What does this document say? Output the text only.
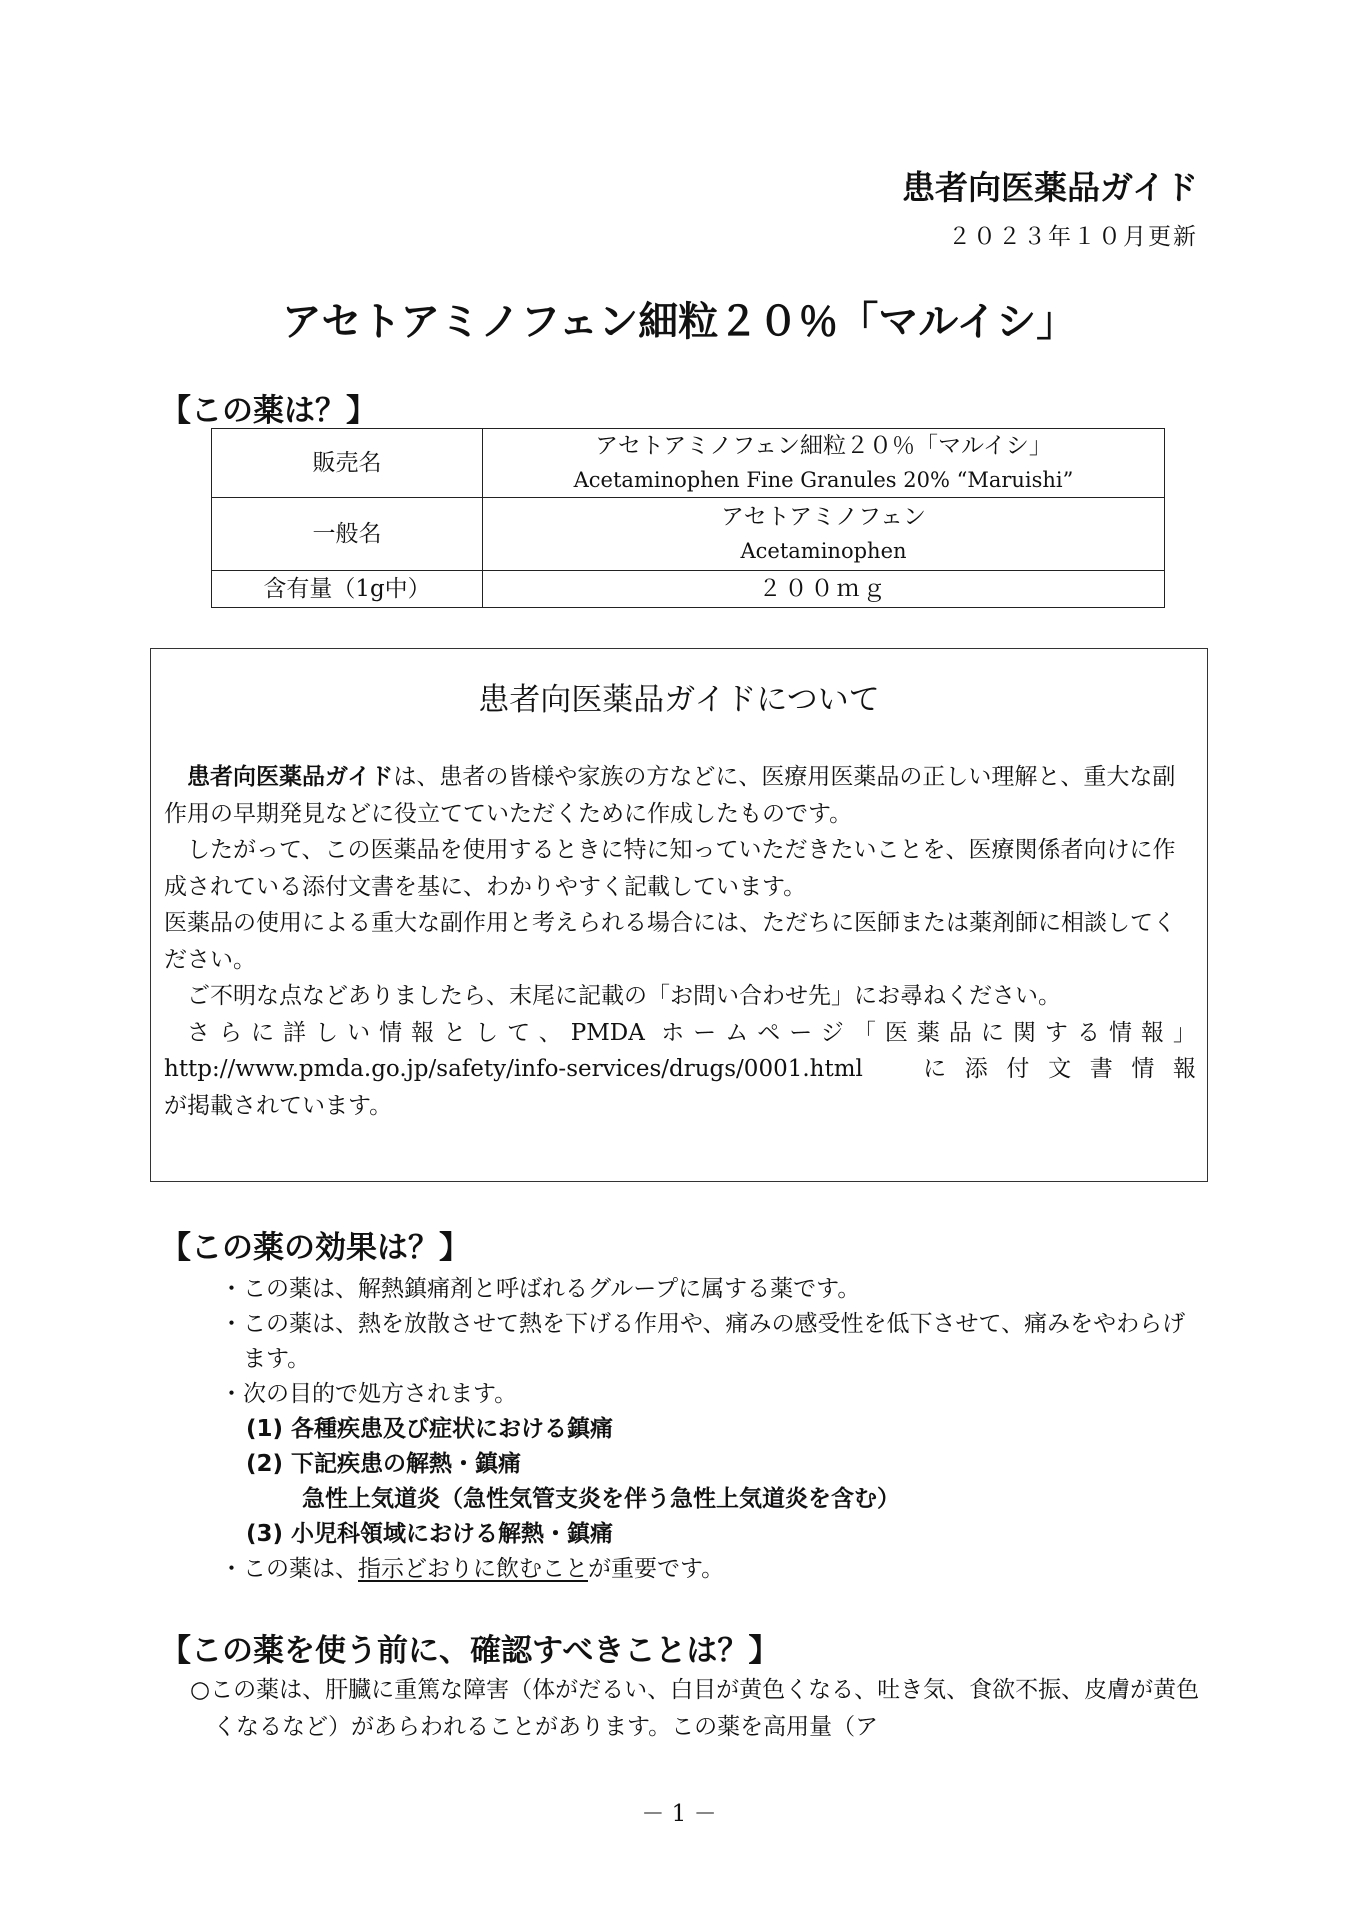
患者向医薬品ガイド
２０２３年１０月更新
アセトアミノフェン細粒２０％「マルイシ」
【この薬は？】
販売名	アセトアミノフェン細粒２０％「マルイシ」
Acetaminophen Fine Granules 20% “Maruishi”

一般名	アセトアミノフェン
Acetaminophen

含有量（1g中）	２００ｍｇ
患者向医薬品ガイドについて

患者向医薬品ガイドは、患者の皆様や家族の方などに、医療用医薬品の正しい理解と、重大な副作用の早期発見などに役立てていただくために作成したものです。

したがって、この医薬品を使用するときに特に知っていただきたいことを、医療関係者向けに作成されている添付文書を基に、わかりやすく記載しています。

医薬品の使用による重大な副作用と考えられる場合には、ただちに医師または薬剤師に相談してください。

ご不明な点などありましたら、末尾に記載の「お問い合わせ先」にお尋ねください。

さらに詳しい情報として、PMDA ホームページ「医薬品に関する情報」

http://www.pmda.go.jp/safety/info-services/drugs/0001.html　に添付文書情報

が掲載されています。

【この薬の効果は？】

・この薬は、解熱鎮痛剤と呼ばれるグループに属する薬です。

・この薬は、熱を放散させて熱を下げる作用や、痛みの感受性を低下させて、痛みをやわらげます。

・次の目的で処方されます。

(1) 各種疾患及び症状における鎮痛

(2) 下記疾患の解熱・鎮痛

急性上気道炎（急性気管支炎を伴う急性上気道炎を含む）

(3) 小児科領域における解熱・鎮痛

・この薬は、指示どおりに飲むことが重要です。

【この薬を使う前に、確認すべきことは？】

○この薬は、肝臓に重篤な障害（体がだるい、白目が黄色くなる、吐き気、食欲不振、皮膚が黄色くなるなど）があらわれることがあります。この薬を高用量（ア

－ 1 －
